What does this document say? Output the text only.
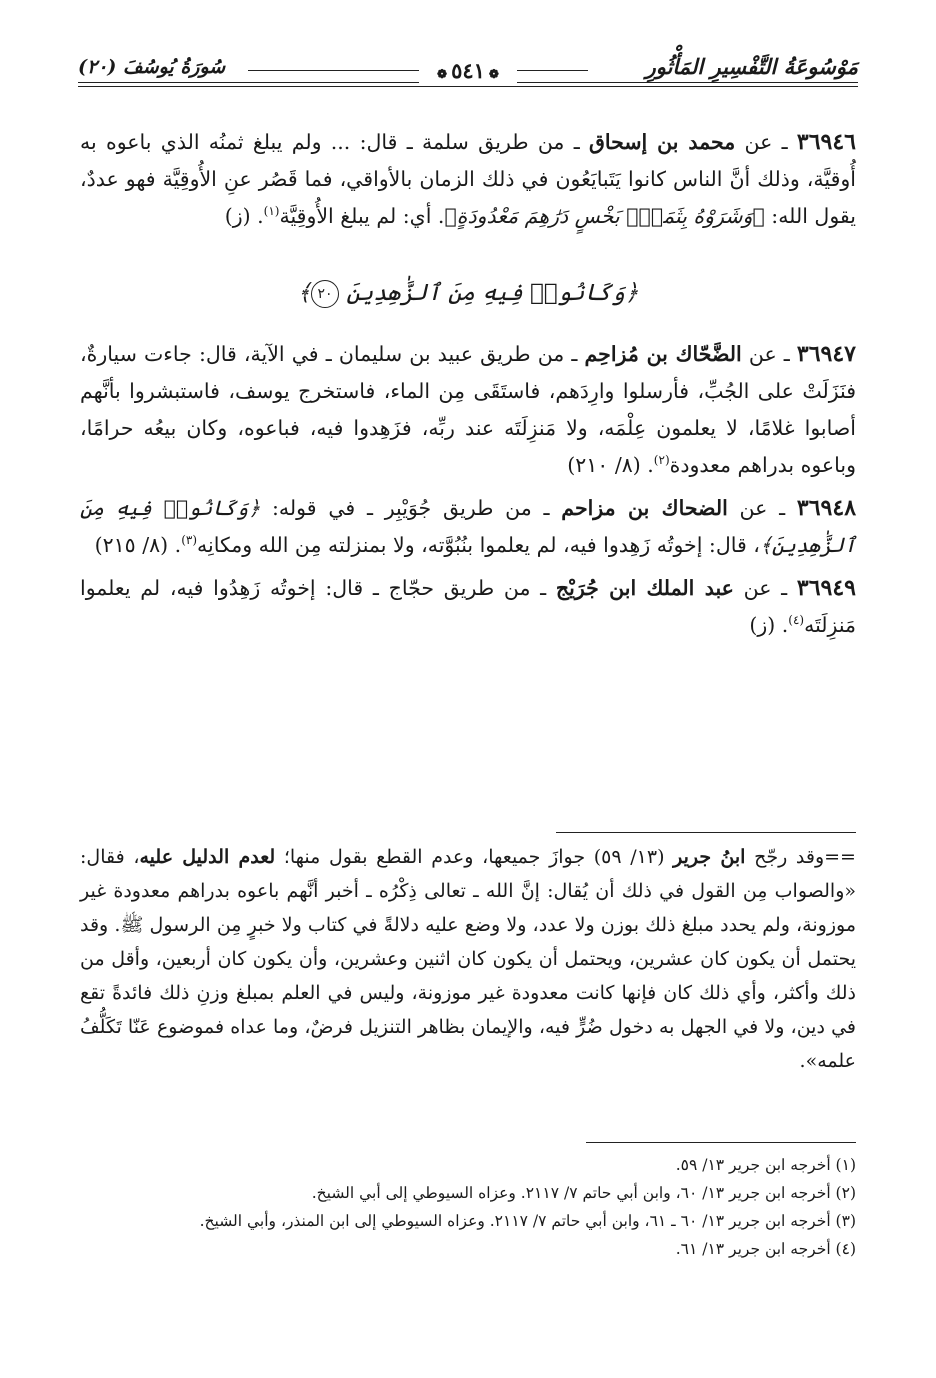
مَوْسُوعَةُ التَّفْسِيرِ المَأْثُورِ
❁٥٤١❁
سُورَةُ يُوسُفَ (٢٠)

٣٦٩٤٦ ـ عن محمد بن إسحاق ـ من طريق سلمة ـ قال: ... ولم يبلغ ثمنُه الذي باعوه به أُوقيَّة، وذلك أنَّ الناس كانوا يَتَبايَعُون في ذلك الزمان بالأواقي، فما قَصُر عنِ الأُوقِيَّة فهو عددٌ، يقول الله: ﴿وَشَرَوْهُ بِثَمَنٍۭ بَخْسٍ دَرَٰهِمَ مَعْدُودَةٍ﴾. أي: لم يبلغ الأُوقِيَّة$^{(١)}$. (ز)

﴿وَكَانُوا۟ فِيهِ مِنَ ٱلزَّٰهِدِينَ ٢٠﴾

٣٦٩٤٧ ـ عن الضَّحّاك بن مُزاحِم ـ من طريق عبيد بن سليمان ـ في الآية، قال: جاءت سيارةٌ، فنَزَلَتْ على الجُبِّ، فأرسلوا وارِدَهم، فاستَقَى مِن الماء، فاستخرج يوسف، فاستبشروا بأنَّهم أصابوا غلامًا، لا يعلمون عِلْمَه، ولا مَنزِلَتَه عند ربِّه، فزَهِدوا فيه، فباعوه، وكان بيعُه حرامًا، وباعوه بدراهم معدودة$^{(٢)}$. (٨/ ٢١٠)

٣٦٩٤٨ ـ عن الضحاك بن مزاحم ـ من طريق جُوَيْبِر ـ في قوله: ﴿وَكَانُوا۟ فِيهِ مِنَ ٱلزَّٰهِدِينَ﴾، قال: إخوتُه زَهِدوا فيه، لم يعلموا بنُبُوَّته، ولا بمنزلته مِن الله ومكانِه$^{(٣)}$. (٨/ ٢١٥)

٣٦٩٤٩ ـ عن عبد الملك ابن جُرَيْج ـ من طريق حجّاج ـ قال: إخوتُه زَهِدُوا فيه، لم يعلموا مَنزِلَتَه$^{(٤)}$. (ز)

==وقد رجّح ابنُ جرير (١٣/ ٥٩) جوازَ جميعها، وعدم القطع بقول منها؛ لعدم الدليل عليه، فقال: «والصواب مِن القول في ذلك أن يُقال: إنَّ الله ـ تعالى ذِكْرُه ـ أخبر أنَّهم باعوه بدراهم معدودة غير موزونة، ولم يحدد مبلغ ذلك بوزن ولا عدد، ولا وضع عليه دلالةً في كتاب ولا خبرٍ مِن الرسول ﷺ. وقد يحتمل أن يكون كان عشرين، ويحتمل أن يكون كان اثنين وعشرين، وأن يكون كان أربعين، وأقل من ذلك وأكثر، وأي ذلك كان فإنها كانت معدودة غير موزونة، وليس في العلم بمبلغ وزنِ ذلك فائدةً تقع في دين، ولا في الجهل به دخول ضُرٍّ فيه، والإيمان بظاهر التنزيل فرضٌ، وما عداه فموضوع عَنّا تَكَلُّفُ علمه».
(١) أخرجه ابن جرير ١٣/ ٥٩.
(٢) أخرجه ابن جرير ١٣/ ٦٠، وابن أبي حاتم ٧/ ٢١١٧. وعزاه السيوطي إلى أبي الشيخ.
(٣) أخرجه ابن جرير ١٣/ ٦٠ ـ ٦١، وابن أبي حاتم ٧/ ٢١١٧. وعزاه السيوطي إلى ابن المنذر، وأبي الشيخ.
(٤) أخرجه ابن جرير ١٣/ ٦١.
